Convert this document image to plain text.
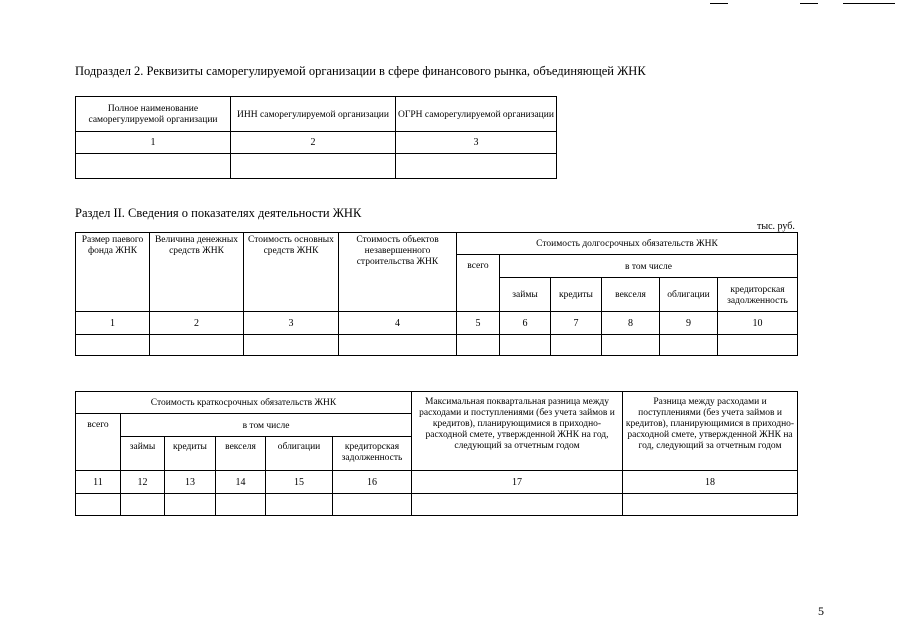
Подраздел 2. Реквизиты саморегулируемой организации в сфере финансового рынка, объединяющей ЖНК
Полное наименование саморегулируемой организации	ИНН саморегулируемой организации	ОГРН саморегулируемой организации
1	2	3

Раздел II. Сведения о показателях деятельности ЖНК
тыс. руб.
Размер паевого фонда ЖНК	Величина денежных средств ЖНК	Стоимость основных средств ЖНК	Стоимость объектов незавершенного строительства ЖНК	Стоимость долгосрочных обязательств ЖНК					
				всего	в том числе				
					займы	кредиты	векселя	облигации	кредиторская задолженность
1	2	3	4	5	6	7	8	9	10

Стоимость краткосрочных обязательств ЖНК						Максимальная поквартальная разница между расходами и поступлениями (без учета займов и кредитов), планирующимися в приходно-расходной смете, утвержденной ЖНК на год, следующий за отчетным годом	Разница между расходами и поступлениями (без учета займов и кредитов), планирующимися в приходно-расходной смете, утвержденной ЖНК на год, следующий за отчетным годом
всего	в том числе						
	займы	кредиты	векселя	облигации	кредиторская задолженность		
11	12	13	14	15	16	17	18

5
